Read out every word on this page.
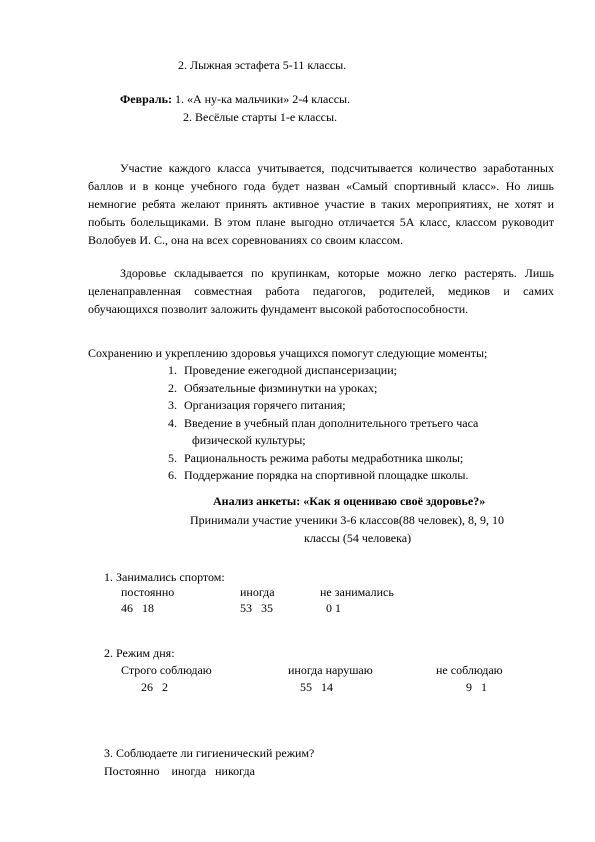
2. Лыжная эстафета 5-11 классы.
Февраль: 1. «А ну-ка мальчики» 2-4 классы.
2. Весёлые старты 1-е классы.

Участие каждого класса учитывается, подсчитывается количество заработанных баллов и в конце учебного года будет назван «Самый спортивный класс». Но лишь немногие ребята желают принять активное участие в таких мероприятиях, не хотят и побыть болельщиками. В этом плане выгодно отличается 5А класс, классом руководит Волобуев И. С., она на всех соревнованиях со своим классом.

Здоровье складывается по крупинкам, которые можно легко растерять. Лишь целенаправленная совместная работа педагогов, родителей, медиков и самих обучающихся позволит заложить фундамент высокой работоспособности.

Сохранению и укреплению здоровья учащихся помогут следующие моменты;
1. Проведение ежегодной диспансеризации;
2. Обязательные физминутки на уроках;
3. Организация горячего питания;
4. Введение в учебный план дополнительного третьего часа
физической культуры;
5. Рациональность режима работы медработника школы;
6. Поддержание порядка на спортивной площадке школы.
Анализ анкеты: «Как я оцениваю своё здоровье?»
Принимали участие ученики 3-6 классов(88 человек), 8, 9, 10
классы (54 человека)
1. Занимались спортом:
постоянно	иногда	не занимались
46   18	53   35	0 1
2. Режим дня:
Строго соблюдаю	иногда нарушаю	не соблюдаю
26   2	55   14	9   1
3. Соблюдаете ли гигиенический режим?
Постоянно    иногда   никогда
